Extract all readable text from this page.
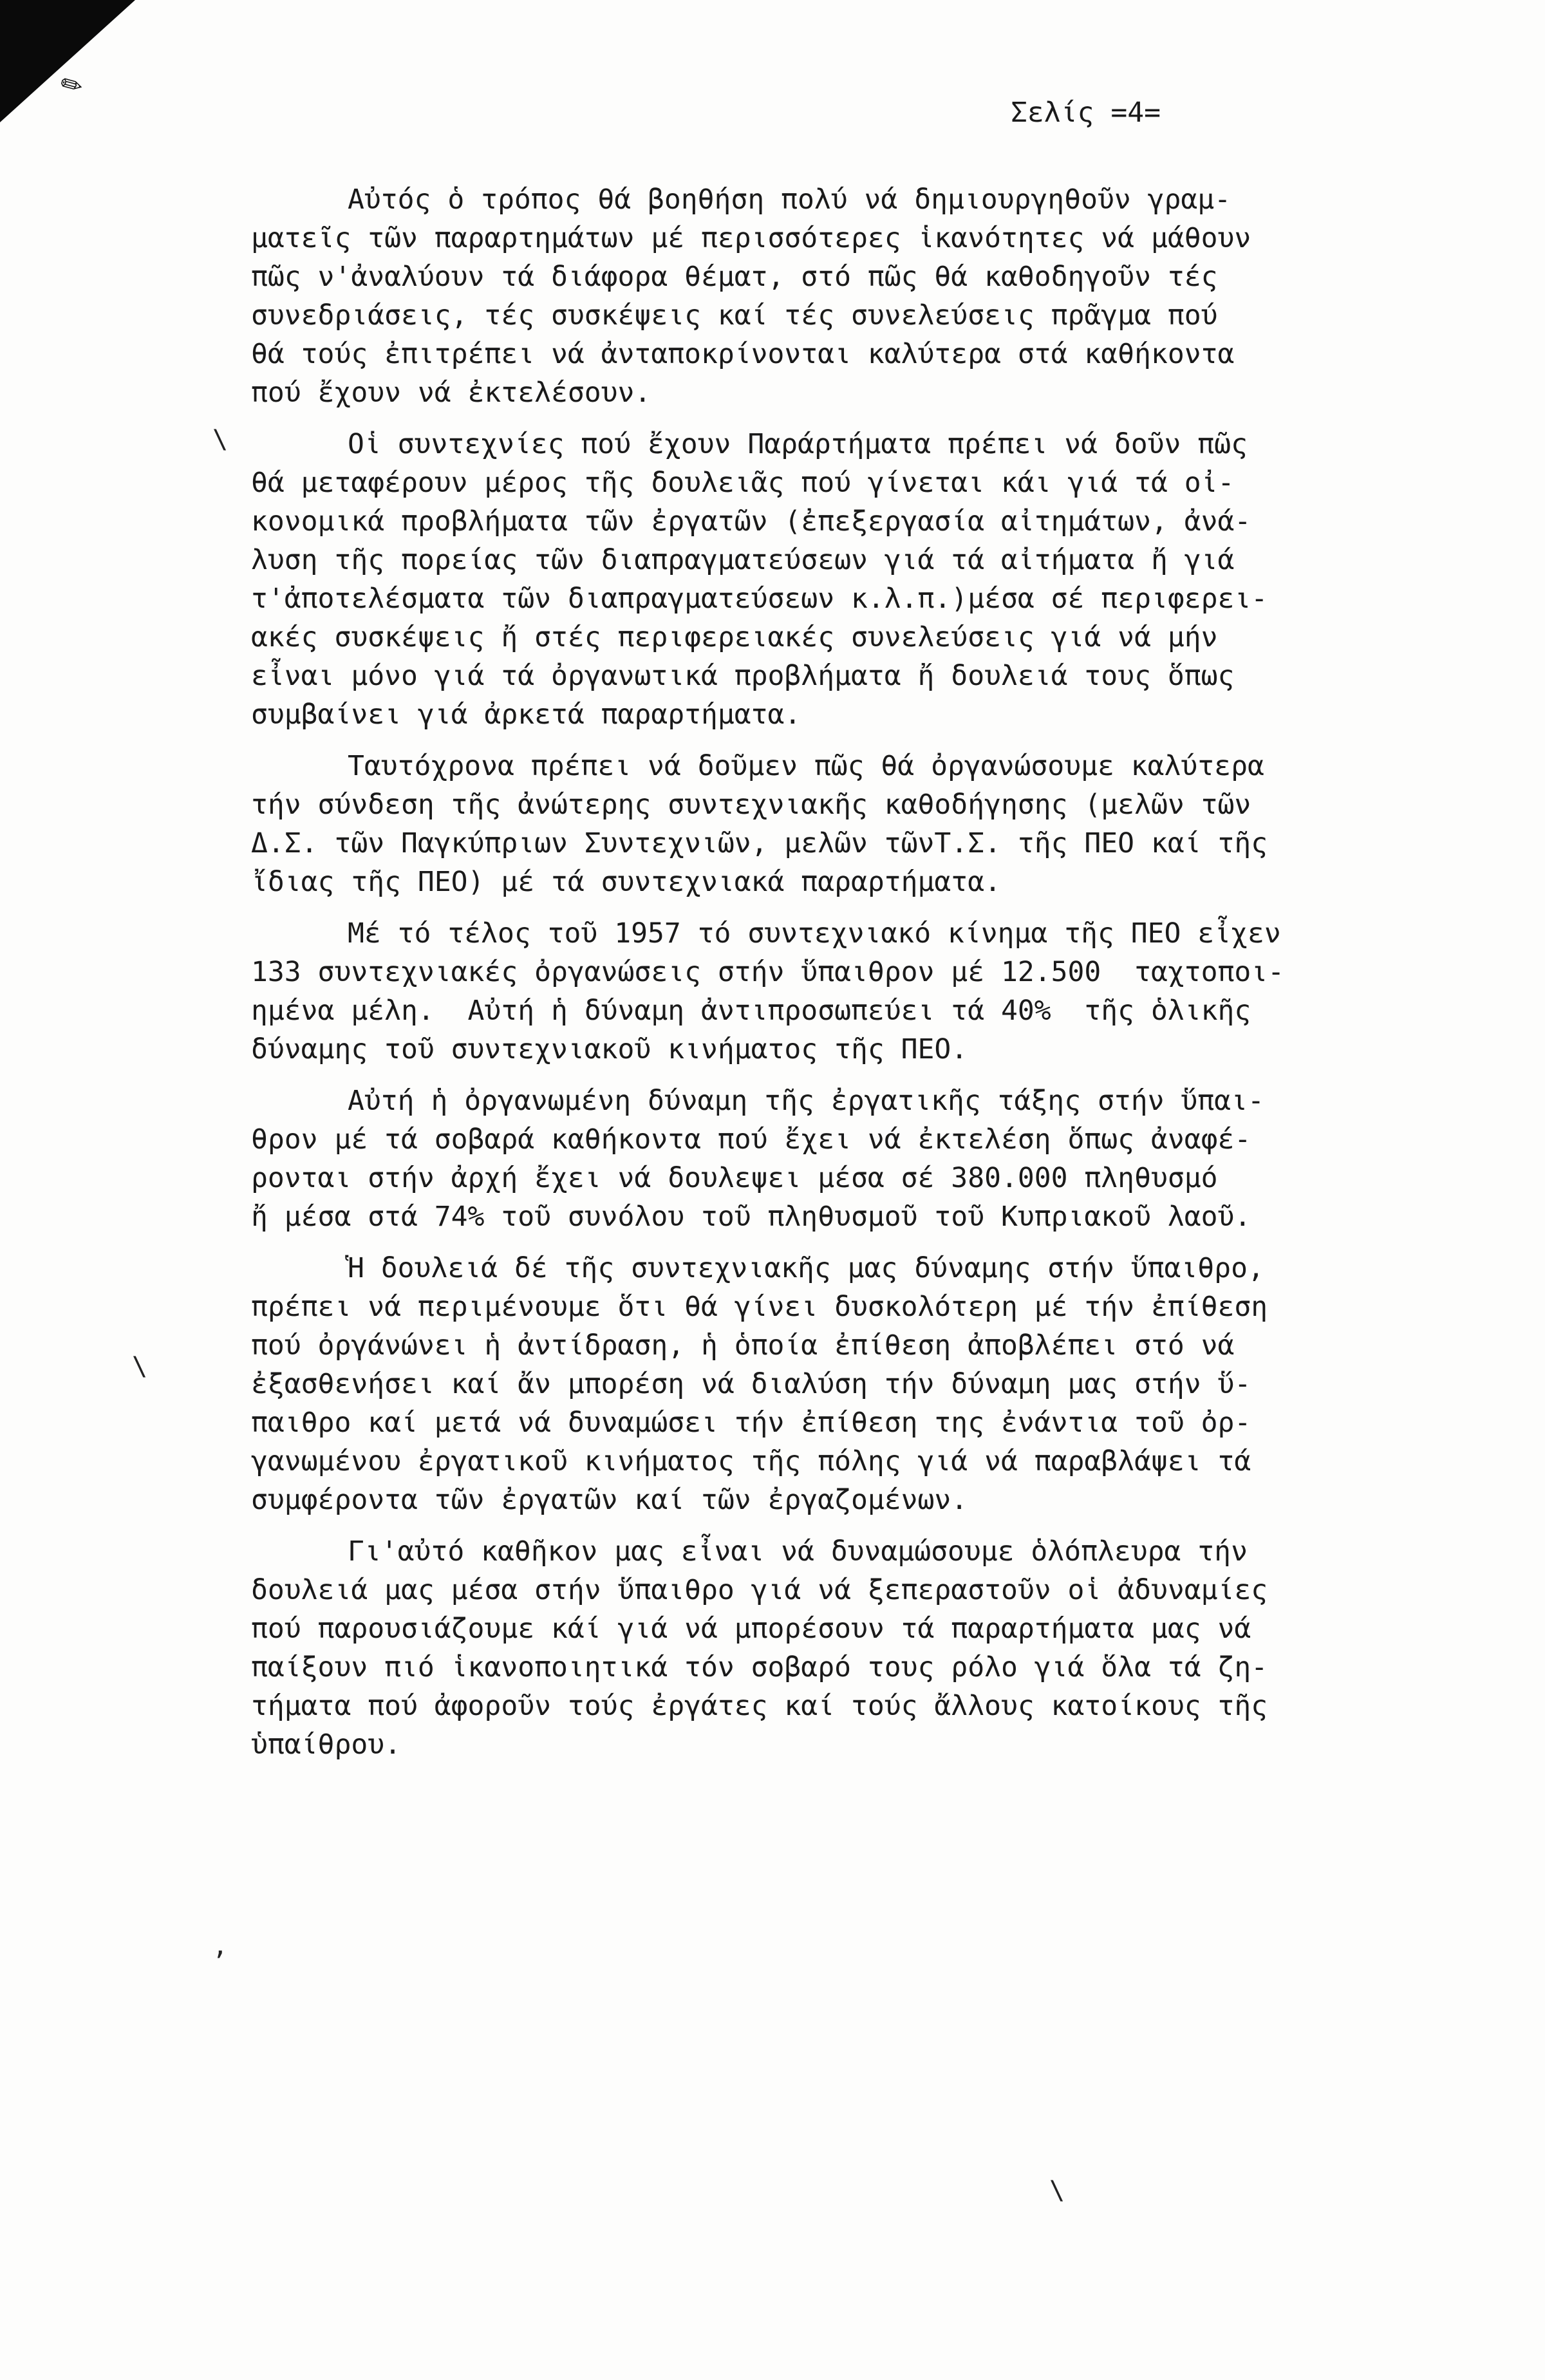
✎
Σελίς =4=
Αὐτός ὁ τρόπος θά βοηθήση πολύ νά δημιουργηθοῦν γραμ-
ματεῖς τῶν παραρτημάτων μέ περισσότερες ἱκανότητες νά μάθουν
πῶς ν'ἀναλύουν τά διάφορα θέματ, στό πῶς θά καθοδηγοῦν τές
συνεδριάσεις, τές συσκέψεις καί τές συνελεύσεις πρᾶγμα πού
θά τούς ἐπιτρέπει νά ἀνταποκρίνονται καλύτερα στά καθήκοντα
πού ἔχουν νά ἐκτελέσουν.
Οἱ συντεχνίες πού ἔχουν Παράρτήματα πρέπει νά δοῦν πῶς
θά μεταφέρουν μέρος τῆς δουλειᾶς πού γίνεται κάι γιά τά οἰ-
κονομικά προβλήματα τῶν ἐργατῶν (ἐπεξεργασία αἰτημάτων, ἀνά-
λυση τῆς πορείας τῶν διαπραγματεύσεων γιά τά αἰτήματα ἤ γιά
τ'ἀποτελέσματα τῶν διαπραγματεύσεων κ.λ.π.)μέσα σέ περιφερει-
ακές συσκέψεις ἤ στές περιφερειακές συνελεύσεις γιά νά μήν
εἶναι μόνο γιά τά ὀργανωτικά προβλήματα ἤ δουλειά τους ὅπως
συμβαίνει γιά ἀρκετά παραρτήματα.
Ταυτόχρονα πρέπει νά δοῦμεν πῶς θά ὀργανώσουμε καλύτερα
τήν σύνδεση τῆς ἀνώτερης συντεχνιακῆς καθοδήγησης (μελῶν τῶν
Δ.Σ. τῶν Παγκύπριων Συντεχνιῶν, μελῶν τῶνΤ.Σ. τῆς ΠΕΟ καί τῆς
ἴδιας τῆς ΠΕΟ) μέ τά συντεχνιακά παραρτήματα.
Μέ τό τέλος τοῦ 1957 τό συντεχνιακό κίνημα τῆς ΠΕΟ εἶχεν
133 συντεχνιακές ὀργανώσεις στήν ὕπαιθρον μέ 12.500  ταχτοποι-
ημένα μέλη.  Αὐτή ἡ δύναμη ἀντιπροσωπεύει τά 40%  τῆς ὁλικῆς
δύναμης τοῦ συντεχνιακοῦ κινήματος τῆς ΠΕΟ.
Αὐτή ἡ ὀργανωμένη δύναμη τῆς ἐργατικῆς τάξης στήν ὕπαι-
θρον μέ τά σοβαρά καθήκοντα πού ἔχει νά ἐκτελέση ὅπως ἀναφέ-
ρονται στήν ἀρχή ἔχει νά δουλεψει μέσα σέ 380.000 πληθυσμό
ἤ μέσα στά 74% τοῦ συνόλου τοῦ πληθυσμοῦ τοῦ Κυπριακοῦ λαοῦ.
Ἡ δουλειά δέ τῆς συντεχνιακῆς μας δύναμης στήν ὕπαιθρο,
πρέπει νά περιμένουμε ὅτι θά γίνει δυσκολότερη μέ τήν ἐπίθεση
πού ὀργάνώνει ἡ ἀντίδραση, ἡ ὁποία ἐπίθεση ἀποβλέπει στό νά
ἐξασθενήσει καί ἄν μπορέση νά διαλύση τήν δύναμη μας στήν ὕ-
παιθρο καί μετά νά δυναμώσει τήν ἐπίθεση της ἐνάντια τοῦ ὀρ-
γανωμένου ἐργατικοῦ κινήματος τῆς πόλης γιά νά παραβλάψει τά
συμφέροντα τῶν ἐργατῶν καί τῶν ἐργαζομένων.
Γι'αὐτό καθῆκον μας εἶναι νά δυναμώσουμε ὁλόπλευρα τήν
δουλειά μας μέσα στήν ὕπαιθρο γιά νά ξεπεραστοῦν οἱ ἀδυναμίες
πού παρουσιάζουμε κάί γιά νά μπορέσουν τά παραρτήματα μας νά
παίξουν πιό ἱκανοποιητικά τόν σοβαρό τους ρόλο γιά ὅλα τά ζη-
τήματα πού ἀφοροῦν τούς ἐργάτες καί τούς ἄλλους κατοίκους τῆς
ὑπαίθρου.
\
\
\
,
